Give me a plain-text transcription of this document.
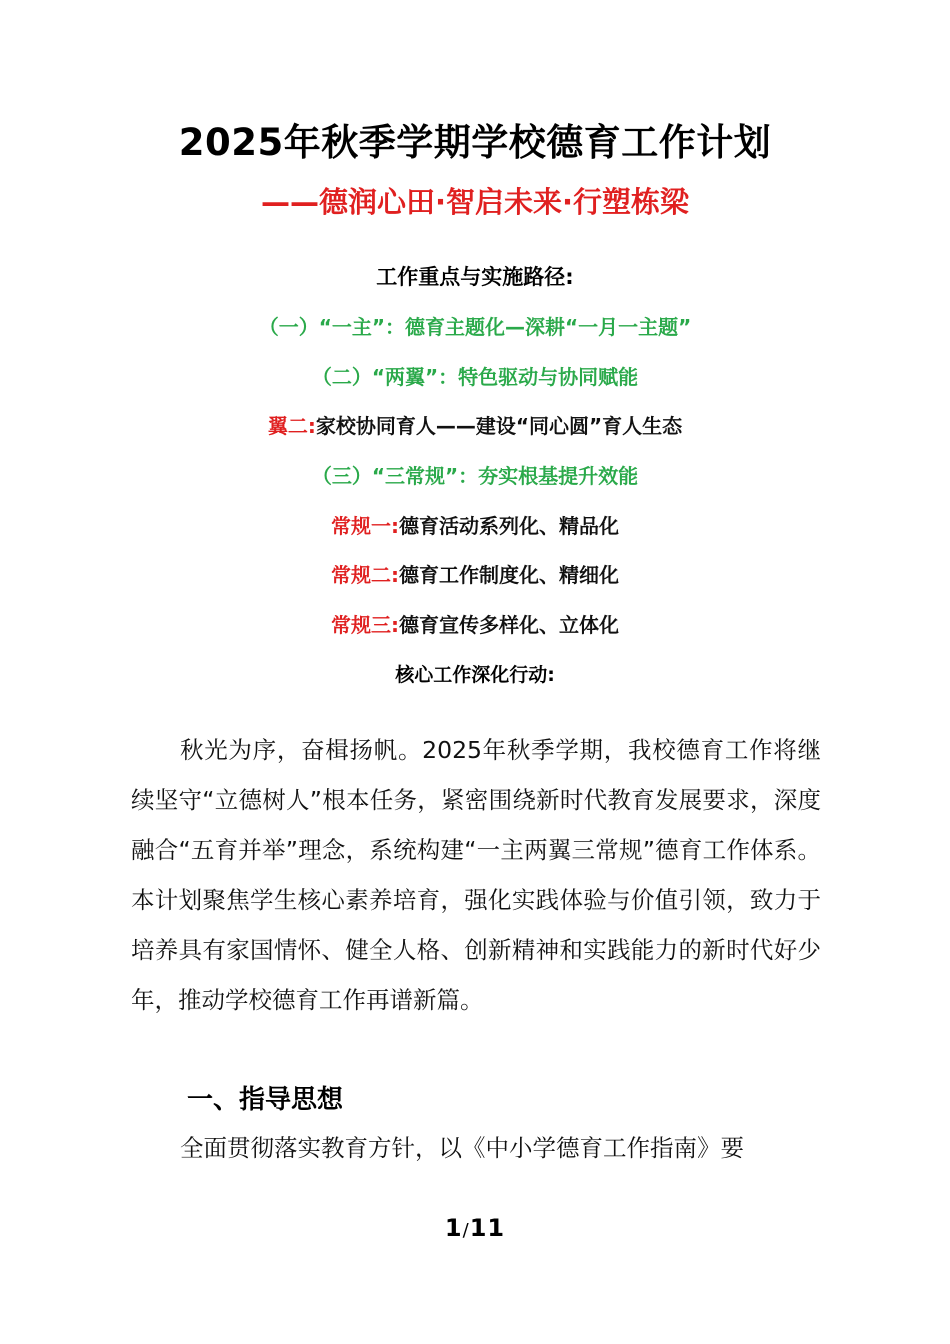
2025年秋季学期学校德育工作计划
——德润心田·智启未来·行塑栋梁
工作重点与实施路径:
（一）“一主”：德育主题化—深耕“一月一主题”
（二）“两翼”：特色驱动与协同赋能
翼二:家校协同育人——建设“同心圆”育人生态
（三）“三常规”：夯实根基提升效能
常规一:德育活动系列化、精品化
常规二:德育工作制度化、精细化
常规三:德育宣传多样化、立体化
核心工作深化行动:
秋光为序，奋楫扬帆。2025年秋季学期，我校德育工作将继续坚守“立德树人”根本任务，紧密围绕新时代教育发展要求，深度融合“五育并举”理念，系统构建“一主两翼三常规”德育工作体系。本计划聚焦学生核心素养培育，强化实践体验与价值引领，致力于培养具有家国情怀、健全人格、创新精神和实践能力的新时代好少年，推动学校德育工作再谱新篇。
一、指导思想
全面贯彻落实教育方针，以《中小学德育工作指南》要
1/11
